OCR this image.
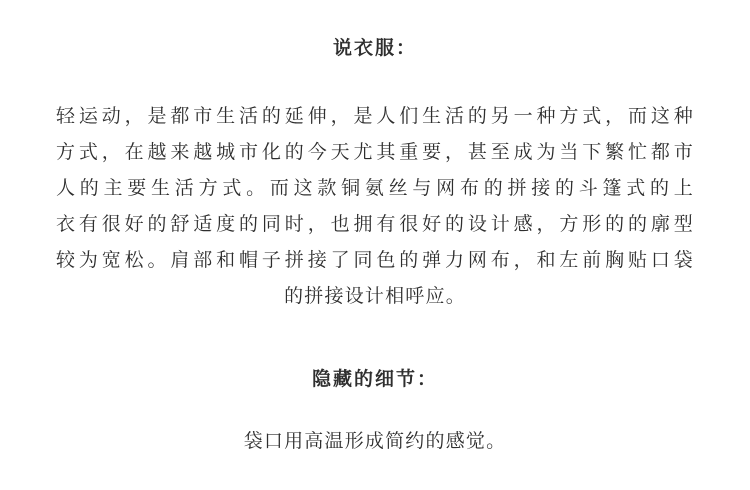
说衣服：

轻运动，是都市生活的延伸，是人们生活的另一种方式，而这种
方式，在越来越城市化的今天尤其重要，甚至成为当下繁忙都市
人的主要生活方式。而这款铜氨丝与网布的拼接的斗篷式的上
衣有很好的舒适度的同时，也拥有很好的设计感，方形的的廓型
较为宽松。肩部和帽子拼接了同色的弹力网布，和左前胸贴口袋
的拼接设计相呼应。

隐藏的细节：

袋口用高温形成简约的感觉。
